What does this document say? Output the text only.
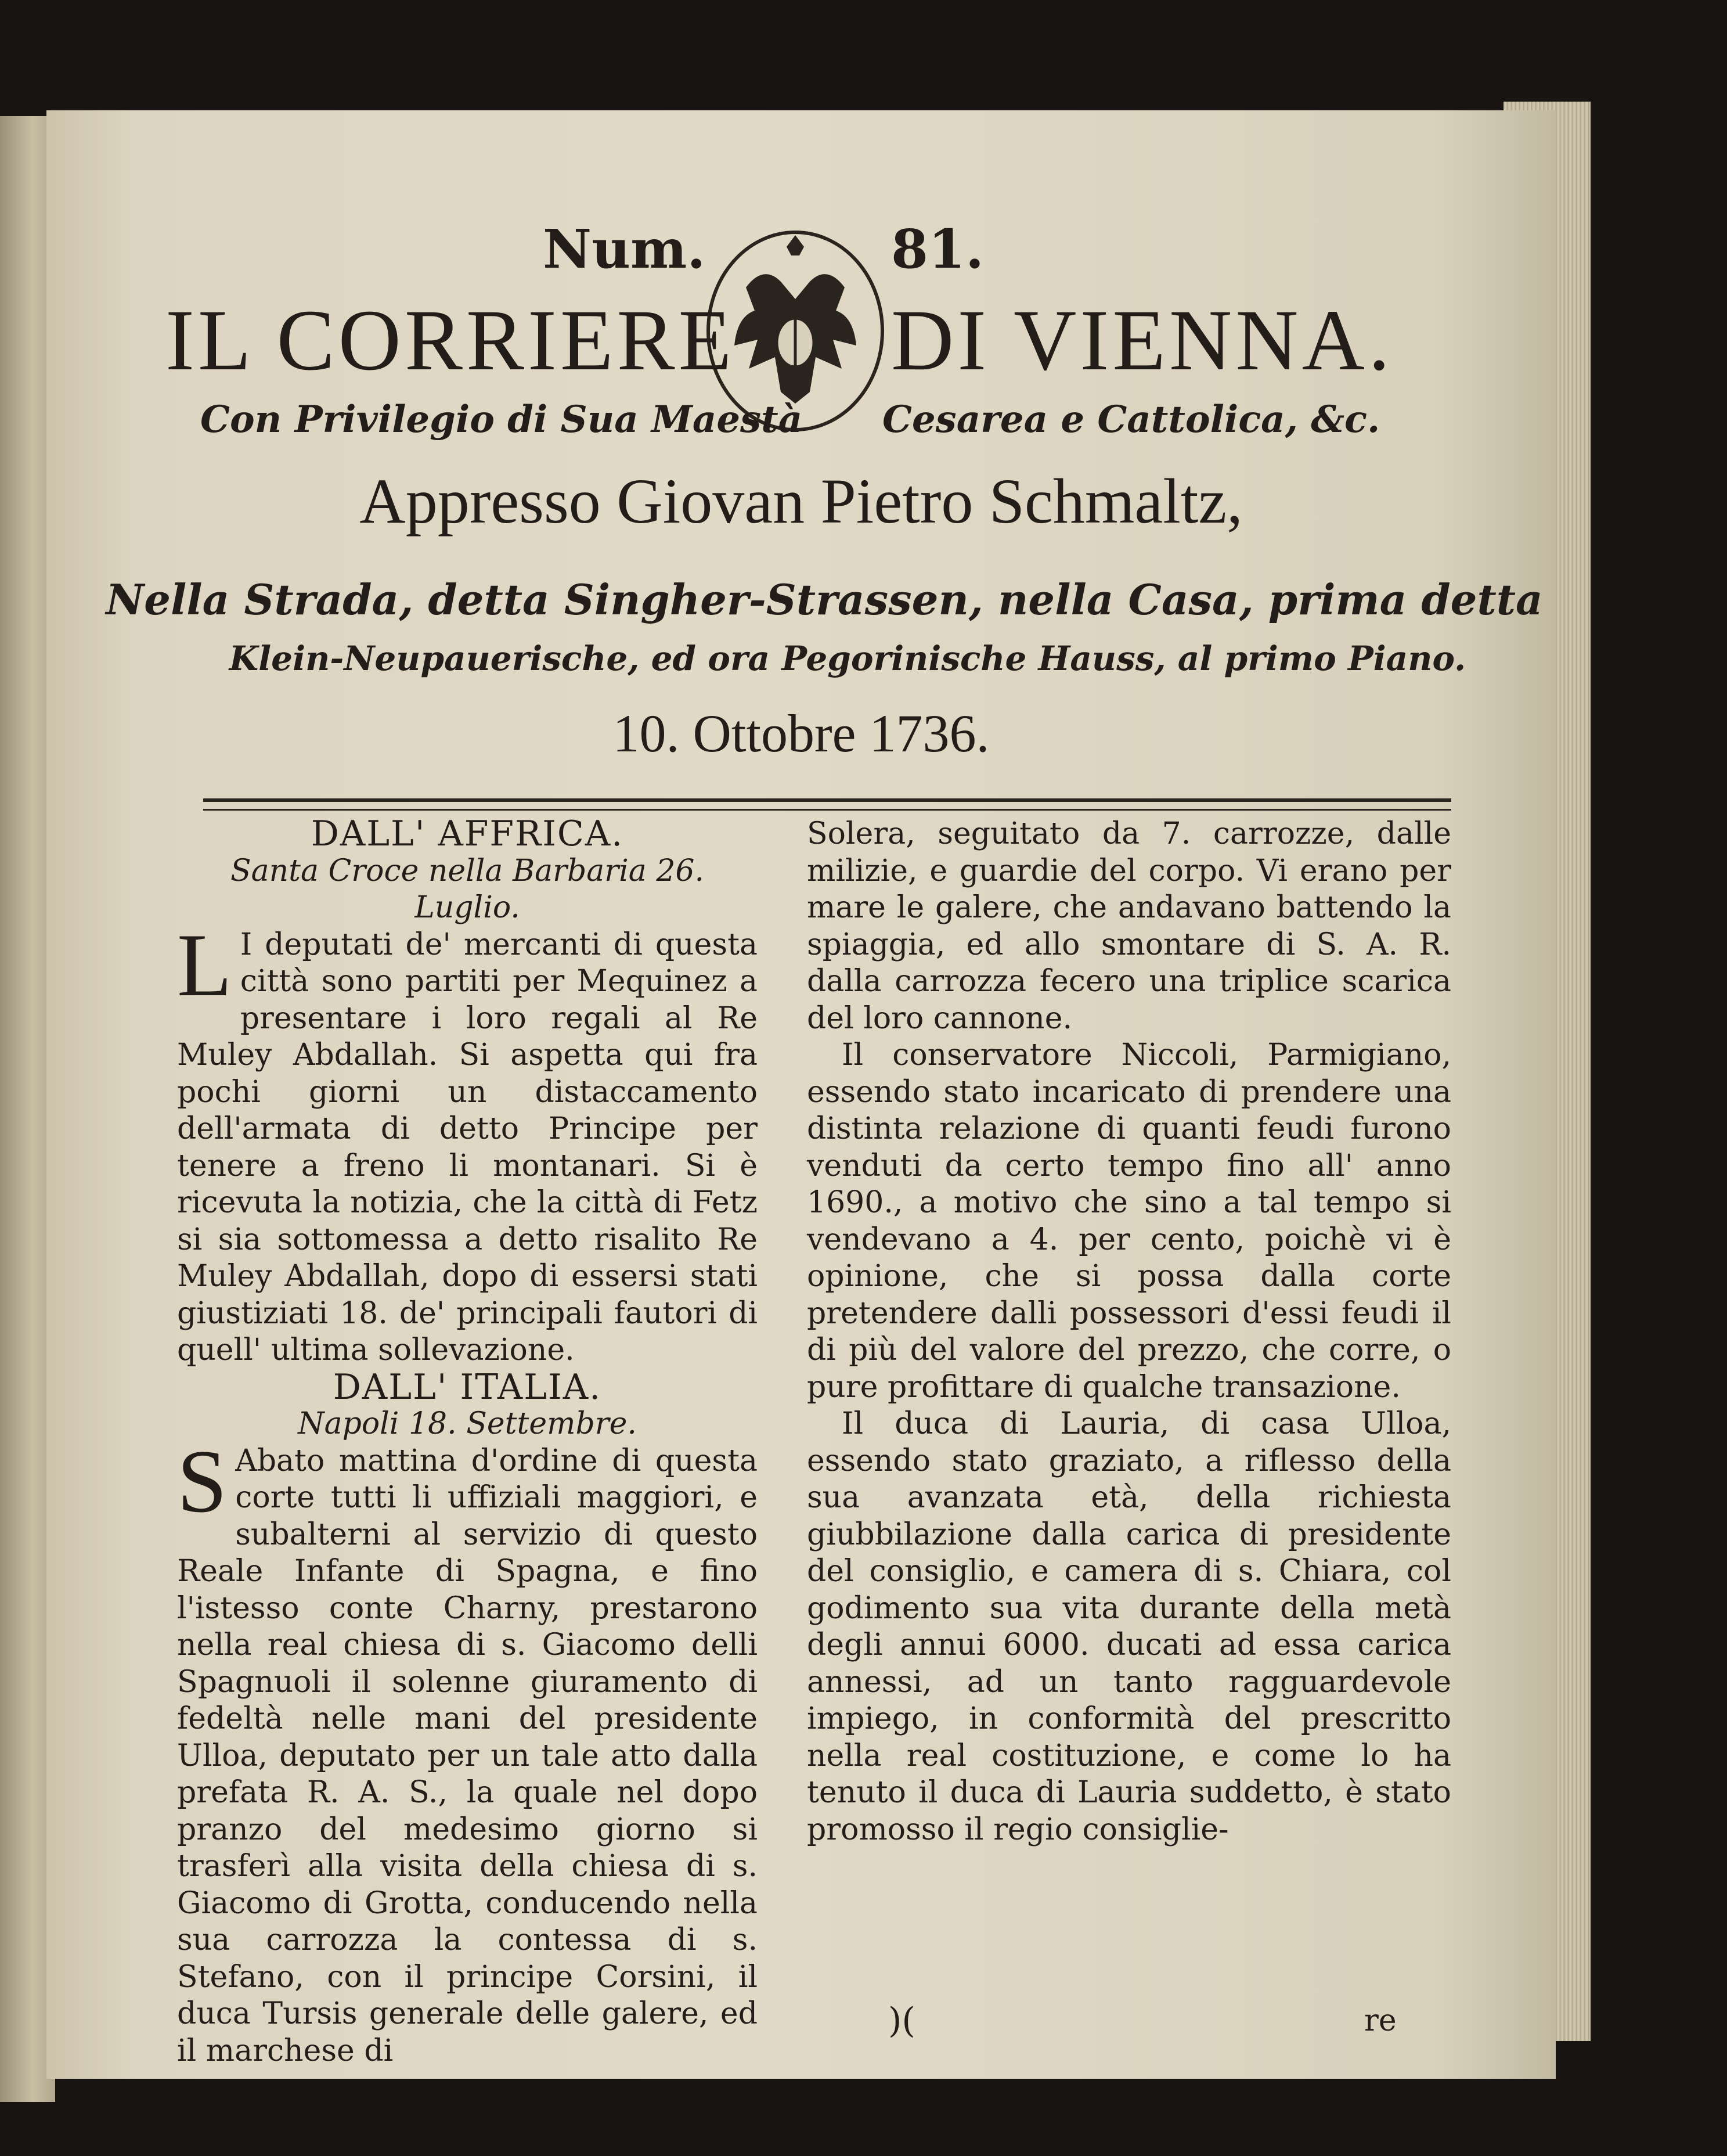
Num.	81.
IL CORRIERE DI VIENNA.
Con Privilegio di Sua Maestà Cesarea e Cattolica, &c.
Appresso Giovan Pietro Schmaltz,
Nella Strada, detta Singher-Strassen, nella Casa, prima detta
Klein-Neupauerische, ed ora Pegorinische Hauss, al primo Piano.
10. Ottobre 1736.
DALL' AFFRICA.
Santa Croce nella Barbaria 26. Luglio.

L I deputati de' mercanti di questa città sono partiti per Mequinez a presentare i loro regali al Re Muley Abdallah. Si aspetta qui fra pochi giorni un distaccamento dell'armata di detto Principe per tenere a freno li montanari. Si è ricevuta la notizia, che la città di Fetz si sia sottomessa a detto risalito Re Muley Abdallah, dopo di essersi stati giustiziati 18. de' principali fautori di quell' ultima sollevazione.

DALL' ITALIA.
Napoli 18. Settembre.

S Abato mattina d'ordine di questa corte tutti li uffiziali maggiori, e subalterni al servizio di questo Reale Infante di Spagna, e fino l'istesso conte Charny, prestarono nella real chiesa di s. Giacomo delli Spagnuoli il solenne giuramento di fedeltà nelle mani del presidente Ulloa, deputato per un tale atto dalla prefata R. A. S., la quale nel dopo pranzo del medesimo giorno si trasferì alla visita della chiesa di s. Giacomo di Grotta, conducendo nella sua carrozza la contessa di s. Stefano, con il principe Corsini, il duca Tursis generale delle galere, ed il marchese di

Solera, seguitato da 7. carrozze, dalle milizie, e guardie del corpo. Vi erano per mare le galere, che andavano battendo la spiaggia, ed allo smontare di S. A. R. dalla carrozza fecero una triplice scarica del loro cannone.

Il conservatore Niccoli, Parmigiano, essendo stato incaricato di prendere una distinta relazione di quanti feudi furono venduti da certo tempo fino all' anno 1690., a motivo che sino a tal tempo si vendevano a 4. per cento, poichè vi è opinione, che si possa dalla corte pretendere dalli possessori d'essi feudi il di più del valore del prezzo, che corre, o pure profittare di qualche transazione.

Il duca di Lauria, di casa Ulloa, essendo stato graziato, a riflesso della sua avanzata età, della richiesta giubbilazione dalla carica di presidente del consiglio, e camera di s. Chiara, col godimento sua vita durante della metà degli annui 6000. ducati ad essa carica annessi, ad un tanto ragguardevole impiego, in conformità del prescritto nella real costituzione, e come lo ha tenuto il duca di Lauria suddetto, è stato promosso il regio consiglie-

)(	re
